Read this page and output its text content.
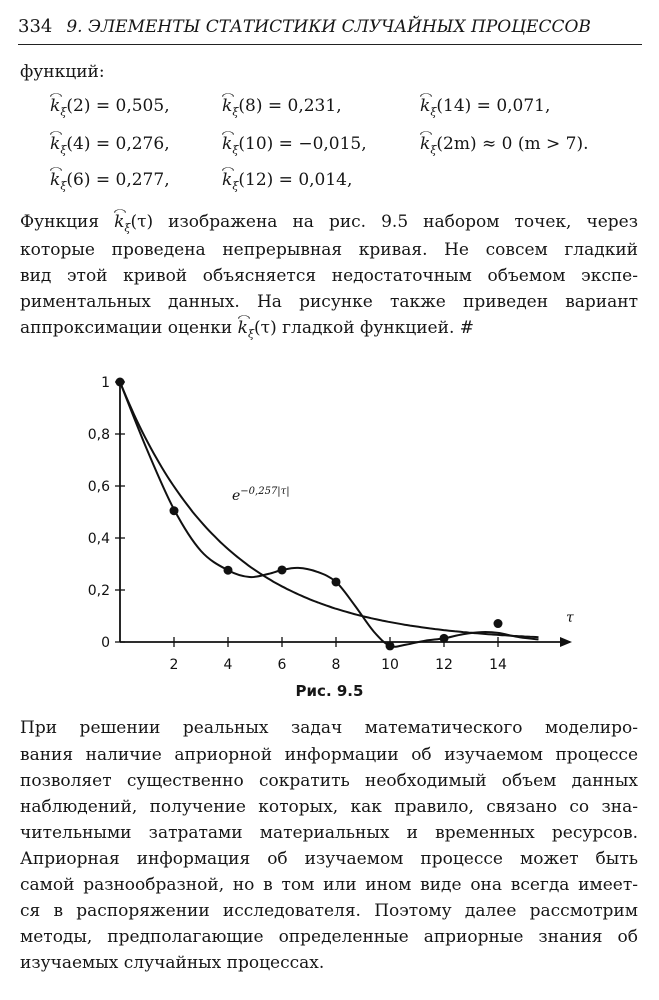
334 9. ЭЛЕМЕНТЫ СТАТИСТИКИ СЛУЧАЙНЫХ ПРОЦЕССОВ
функций:
$k_\xi(2) = 0,505$,	$k_\xi(8) = 0,231$,	$k_\xi(14) = 0,071$,
$k_\xi(4) = 0,276$,	$k_\xi(10) = -0,015$,	$k_\xi(2m) \approx 0$ (m > 7).
$k_\xi(6) = 0,277$,	$k_\xi(12) = 0,014$,
Функция $k_\xi(\tau)$ изображена на рис. 9.5 набором точек, через
которые проведена непрерывная кривая. Не совсем гладкий
вид этой кривой объясняется недостаточным объемом экспе-
риментальных данных. На рисунке также приведен вариант
аппроксимации оценки $k_\xi(\tau)$ гладкой функцией. #
2	4	6	8	10	12	14
0
0,2
0,4
0,6
0,8
1
τ
$e^{-0,257|\tau|}$
Рис. 9.5
При решении реальных задач математического моделиро-
вания наличие априорной информации об изучаемом процессе
позволяет существенно сократить необходимый объем данных
наблюдений, получение которых, как правило, связано со зна-
чительными затратами материальных и временных ресурсов.
Априорная информация об изучаемом процессе может быть
самой разнообразной, но в том или ином виде она всегда имеет-
ся в распоряжении исследователя. Поэтому далее рассмотрим
методы, предполагающие определенные априорные знания об
изучаемых случайных процессах.
